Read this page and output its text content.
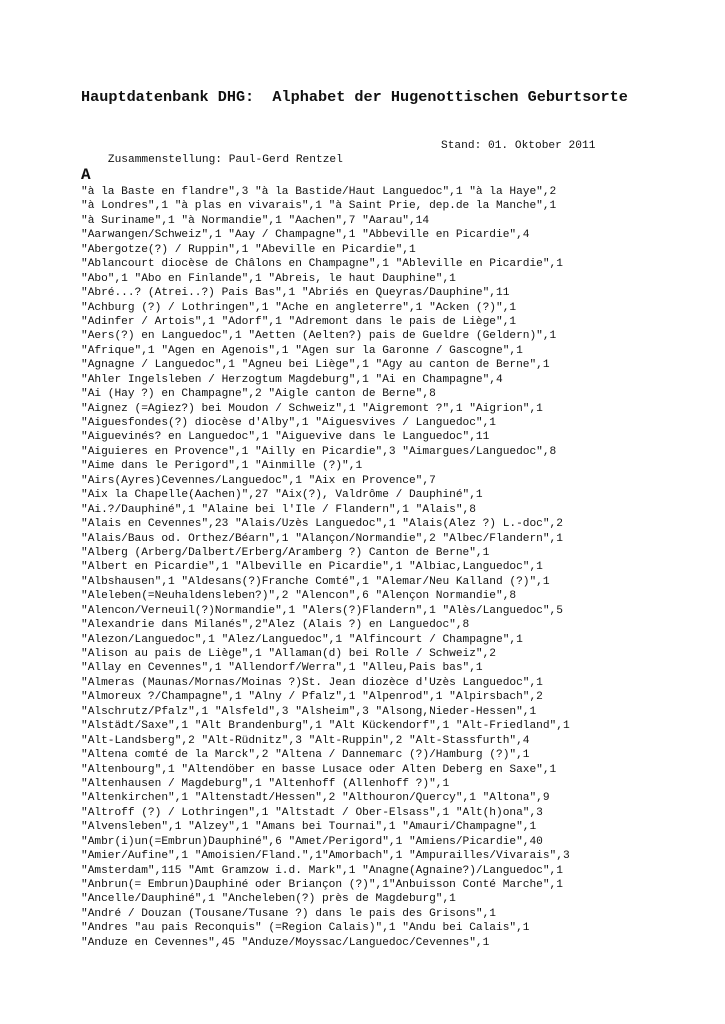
Hauptdatenbank DHG:  Alphabet der Hugenottischen Geburtsorte

Zusammenstellung: Paul-Gerd Rentzel

Stand: 01. Oktober 2011

A
"à la Baste en flandre",3 "à la Bastide/Haut Languedoc",1 "à la Haye",2
"à Londres",1 "à plas en vivarais",1 "à Saint Prie, dep.de la Manche",1
"à Suriname",1 "à Normandie",1 "Aachen",7 "Aarau",14
"Aarwangen/Schweiz",1 "Aay / Champagne",1 "Abbeville en Picardie",4
"Abergotze(?) / Ruppin",1 "Abeville en Picardie",1
"Ablancourt diocèse de Châlons en Champagne",1 "Ableville en Picardie",1
"Abo",1 "Abo en Finlande",1 "Abreis, le haut Dauphine",1
"Abré...? (Atrei..?) Pais Bas",1 "Abriés en Queyras/Dauphine",11
"Achburg (?) / Lothringen",1 "Ache en angleterre",1 "Acken (?)",1
"Adinfer / Artois",1 "Adorf",1 "Adremont dans le pais de Liège",1
"Aers(?) en Languedoc",1 "Aetten (Aelten?) pais de Gueldre (Geldern)",1
"Afrique",1 "Agen en Agenois",1 "Agen sur la Garonne / Gascogne",1
"Agnagne / Languedoc",1 "Agneu bei Liège",1 "Agy au canton de Berne",1
"Ahler Ingelsleben / Herzogtum Magdeburg",1 "Ai en Champagne",4
"Ai (Hay ?) en Champagne",2 "Aigle canton de Berne",8
"Aignez (=Agiez?) bei Moudon / Schweiz",1 "Aigremont ?",1 "Aigrion",1
"Aiguesfondes(?) diocèse d'Alby",1 "Aiguesvives / Languedoc",1
"Aiguevinés? en Languedoc",1 "Aiguevive dans le Languedoc",11
"Aiguieres en Provence",1 "Ailly en Picardie",3 "Aimargues/Languedoc",8
"Aime dans le Perigord",1 "Ainmille (?)",1
"Airs(Ayres)Cevennes/Languedoc",1 "Aix en Provence",7
"Aix la Chapelle(Aachen)",27 "Aix(?), Valdrôme / Dauphiné",1
"Ai.?/Dauphiné",1 "Alaine bei l'Ile / Flandern",1 "Alais",8
"Alais en Cevennes",23 "Alais/Uzès Languedoc",1 "Alais(Alez ?) L.-doc",2
"Alais/Baus od. Orthez/Béarn",1 "Alançon/Normandie",2 "Albec/Flandern",1
"Alberg (Arberg/Dalbert/Erberg/Aramberg ?) Canton de Berne",1
"Albert en Picardie",1 "Albeville en Picardie",1 "Albiac,Languedoc",1
"Albshausen",1 "Aldesans(?)Franche Comté",1 "Alemar/Neu Kalland (?)",1
"Aleleben(=Neuhaldensleben?)",2 "Alencon",6 "Alençon Normandie",8
"Alencon/Verneuil(?)Normandie",1 "Alers(?)Flandern",1 "Alès/Languedoc",5
"Alexandrie dans Milanés",2"Alez (Alais ?) en Languedoc",8
"Alezon/Languedoc",1 "Alez/Languedoc",1 "Alfincourt / Champagne",1
"Alison au pais de Liège",1 "Allaman(d) bei Rolle / Schweiz",2
"Allay en Cevennes",1 "Allendorf/Werra",1 "Alleu,Pais bas",1
"Almeras (Maunas/Mornas/Moinas ?)St. Jean diozèce d'Uzès Languedoc",1
"Almoreux ?/Champagne",1 "Alny / Pfalz",1 "Alpenrod",1 "Alpirsbach",2
"Alschrutz/Pfalz",1 "Alsfeld",3 "Alsheim",3 "Alsong,Nieder-Hessen",1
"Alstädt/Saxe",1 "Alt Brandenburg",1 "Alt Kückendorf",1 "Alt-Friedland",1
"Alt-Landsberg",2 "Alt-Rüdnitz",3 "Alt-Ruppin",2 "Alt-Stassfurth",4
"Altena comté de la Marck",2 "Altena / Dannemarc (?)/Hamburg (?)",1
"Altenbourg",1 "Altendöber en basse Lusace oder Alten Deberg en Saxe",1
"Altenhausen / Magdeburg",1 "Altenhoff (Allenhoff ?)",1
"Altenkirchen",1 "Altenstadt/Hessen",2 "Althouron/Quercy",1 "Altona",9
"Altroff (?) / Lothringen",1 "Altstadt / Ober-Elsass",1 "Alt(h)ona",3
"Alvensleben",1 "Alzey",1 "Amans bei Tournai",1 "Amauri/Champagne",1
"Ambr(i)un(=Embrun)Dauphiné",6 "Amet/Perigord",1 "Amiens/Picardie",40
"Amier/Aufine",1 "Amoisien/Fland.",1"Amorbach",1 "Ampurailles/Vivarais",3
"Amsterdam",115 "Amt Gramzow i.d. Mark",1 "Anagne(Agnaine?)/Languedoc",1
"Anbrun(= Embrun)Dauphiné oder Briançon (?)",1"Anbuisson Conté Marche",1
"Ancelle/Dauphiné",1 "Ancheleben(?) près de Magdeburg",1
"André / Douzan (Tousane/Tusane ?) dans le pais des Grisons",1
"Andres "au pais Reconquis" (=Region Calais)",1 "Andu bei Calais",1
"Anduze en Cevennes",45 "Anduze/Moyssac/Languedoc/Cevennes",1
